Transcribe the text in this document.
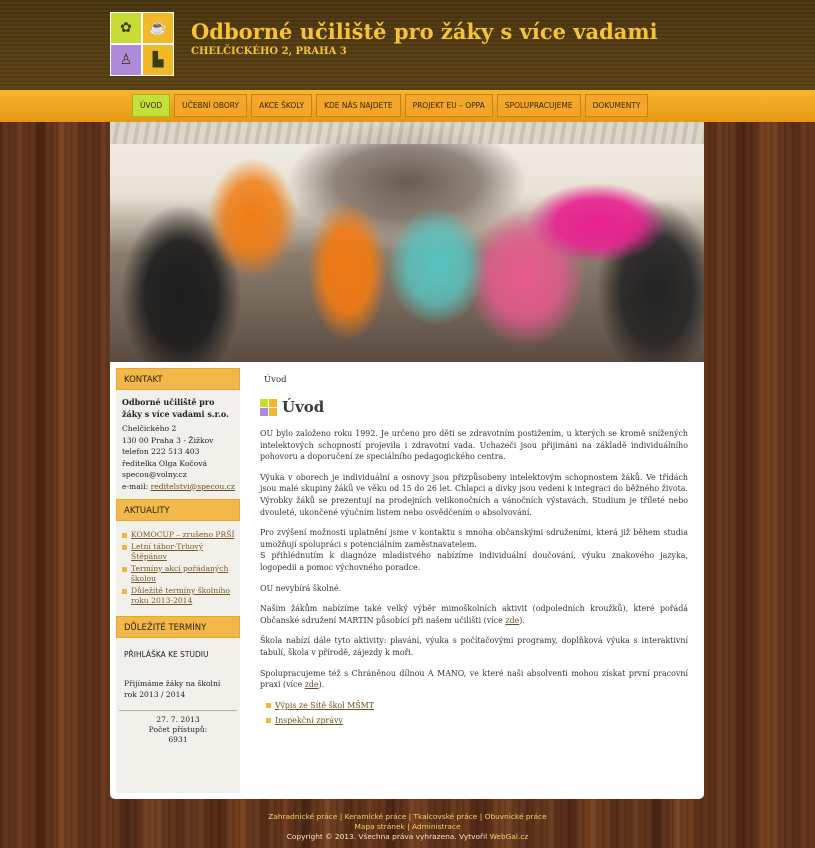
✿	☕
♙	▙
Odborné učiliště pro žáky s více vadami
CHELČICKÉHO 2, PRAHA 3
ÚVOD	UČEBNÍ OBORY	AKCE ŠKOLY	KDE NÁS NAJDETE	PROJEKT EU – OPPA	SPOLUPRACUJEME	DOKUMENTY
KONTAKT
Odborné učiliště pro žáky s více vadami s.r.o.
Chelčického 2
130 00 Praha 3 - Žižkov
telefon 222 513 403
ředitelka Olga Kočová
specou@volny.cz
e-mail: reditelstvi@specou.cz
AKTUALITY
KOMOCUP – zrušeno PRŠÍ
Letní tábor-Trhový Štěpánov
Termíny akcí pořádaných školou
Důležité termíny školního roku 2013-2014
DŮLEŽITÉ TERMÍNY
PŘIHLÁŠKA KE STUDIU
Přijímáme žáky na školní rok 2013 / 2014
27. 7. 2013
Počet přístupů:
6931
Úvod
Úvod

OU bylo založeno roku 1992. Je určeno pro děti se zdravotním postižením, u kterých se kromě snížených intelektových schopností projevila i zdravotní vada. Uchazeči jsou přijímáni na základě individuálního pohovoru a doporučení ze speciálního pedagogického centra.

Výuka v oborech je individuální a osnovy jsou přizpůsobeny intelektovým schopnostem žáků. Ve třídách jsou malé skupiny žáků ve věku od 15 do 26 let. Chlapci a dívky jsou vedeni k integraci do běžného života. Výrobky žáků se prezentují na prodejních velikonočních a vánočních výstavách. Studium je tříleté nebo dvouleté, ukončené výučním listem nebo osvědčením o absolvování.

Pro zvýšení možnosti uplatnění jsme v kontaktu s mnoha občanskými sdruženími, která již během studia umožňují spolupráci s potenciálním zaměstnavatelem.
S přihlédnutím k diagnóze mladistvého nabízíme individuální doučování, výuku znakového jazyka, logopedii a pomoc výchovného poradce.

OU nevybírá školné.

Našim žákům nabízíme také velký výběr mimoškolních aktivit (odpoledních kroužků), které pořádá Občanské sdružení MARTIN působící při našem učilišti (více zde).

Škola nabízí dále tyto aktivity: plavání, výuka s počítačovými programy, doplňková výuka s interaktivní tabulí, škola v přírodě, zájezdy k moři.

Spolupracujeme též s Chráněnou dílnou A MANO, ve které naši absolventi mohou získat první pracovní praxi (více zde).

Výpis ze Sítě škol MŠMT
Inspekční zprávy
Zahradnické práce | Keramické práce | Tkalcovské práce | Obuvnické práce
Mapa stránek | Administrace
Copyright © 2013. Všechna práva vyhrazena. Vytvořil WebGal.cz
